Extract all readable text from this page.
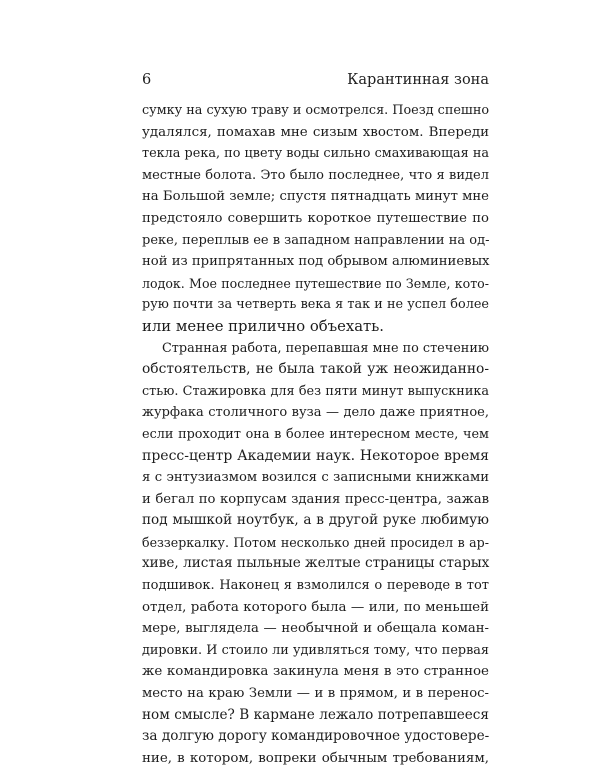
6	Карантинная зона
сумку на сухую траву и осмотрелся. Поезд спешно
удалялся, помахав мне сизым хвостом. Впереди
текла река, по цвету воды сильно смахивающая на
местные болота. Это было последнее, что я видел
на Большой земле; спустя пятнадцать минут мне
предстояло совершить короткое путешествие по
реке, переплыв ее в западном направлении на од-
ной из припрятанных под обрывом алюминиевых
лодок. Мое последнее путешествие по Земле, кото-
рую почти за четверть века я так и не успел более
или менее прилично объехать.
Странная работа, перепавшая мне по стечению
обстоятельств, не была такой уж неожиданно-
стью. Стажировка для без пяти минут выпускника
журфака столичного вуза — дело даже приятное,
если проходит она в более интересном месте, чем
пресс-центр Академии наук. Некоторое время
я с энтузиазмом возился с записными книжками
и бегал по корпусам здания пресс-центра, зажав
под мышкой ноутбук, а в другой руке любимую
беззеркалку. Потом несколько дней просидел в ар-
хиве, листая пыльные желтые страницы старых
подшивок. Наконец я взмолился о переводе в тот
отдел, работа которого была — или, по меньшей
мере, выглядела — необычной и обещала коман-
дировки. И стоило ли удивляться тому, что первая
же командировка закинула меня в это странное
место на краю Земли — и в прямом, и в перенос-
ном смысле? В кармане лежало потрепавшееся
за долгую дорогу командировочное удостовере-
ние, в котором, вопреки обычным требованиям,
